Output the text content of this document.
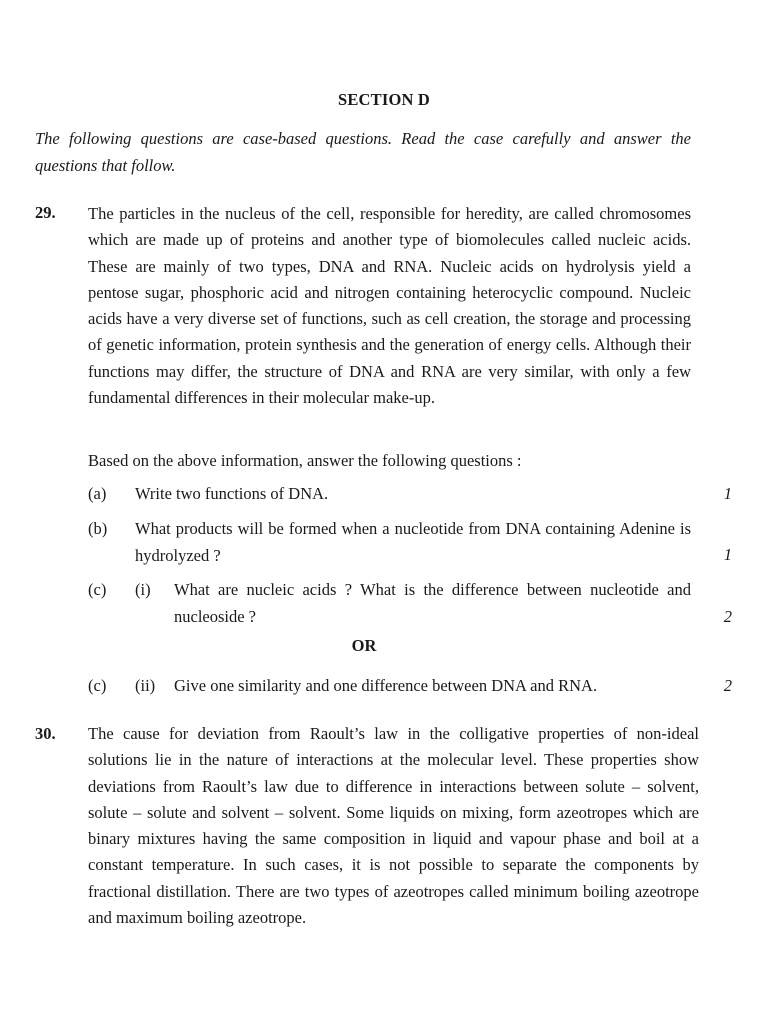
SECTION D

The following questions are case-based questions. Read the case carefully and answer the questions that follow.

29. The particles in the nucleus of the cell, responsible for heredity, are called chromosomes which are made up of proteins and another type of biomolecules called nucleic acids. These are mainly of two types, DNA and RNA. Nucleic acids on hydrolysis yield a pentose sugar, phosphoric acid and nitrogen containing heterocyclic compound. Nucleic acids have a very diverse set of functions, such as cell creation, the storage and processing of genetic information, protein synthesis and the generation of energy cells. Although their functions may differ, the structure of DNA and RNA are very similar, with only a few fundamental differences in their molecular make-up.

Based on the above information, answer the following questions :

(a) Write two functions of DNA.	1
(b) What products will be formed when a nucleotide from DNA containing Adenine is hydrolyzed ?	1
(c) (i) What are nucleic acids ? What is the difference between nucleotide and nucleoside ?	2
OR
(c) (ii) Give one similarity and one difference between DNA and RNA.	2
30. The cause for deviation from Raoult’s law in the colligative properties of non-ideal solutions lie in the nature of interactions at the molecular level. These properties show deviations from Raoult’s law due to difference in interactions between solute – solvent, solute – solute and solvent – solvent. Some liquids on mixing, form azeotropes which are binary mixtures having the same composition in liquid and vapour phase and boil at a constant temperature. In such cases, it is not possible to separate the components by fractional distillation. There are two types of azeotropes called minimum boiling azeotrope and maximum boiling azeotrope.
